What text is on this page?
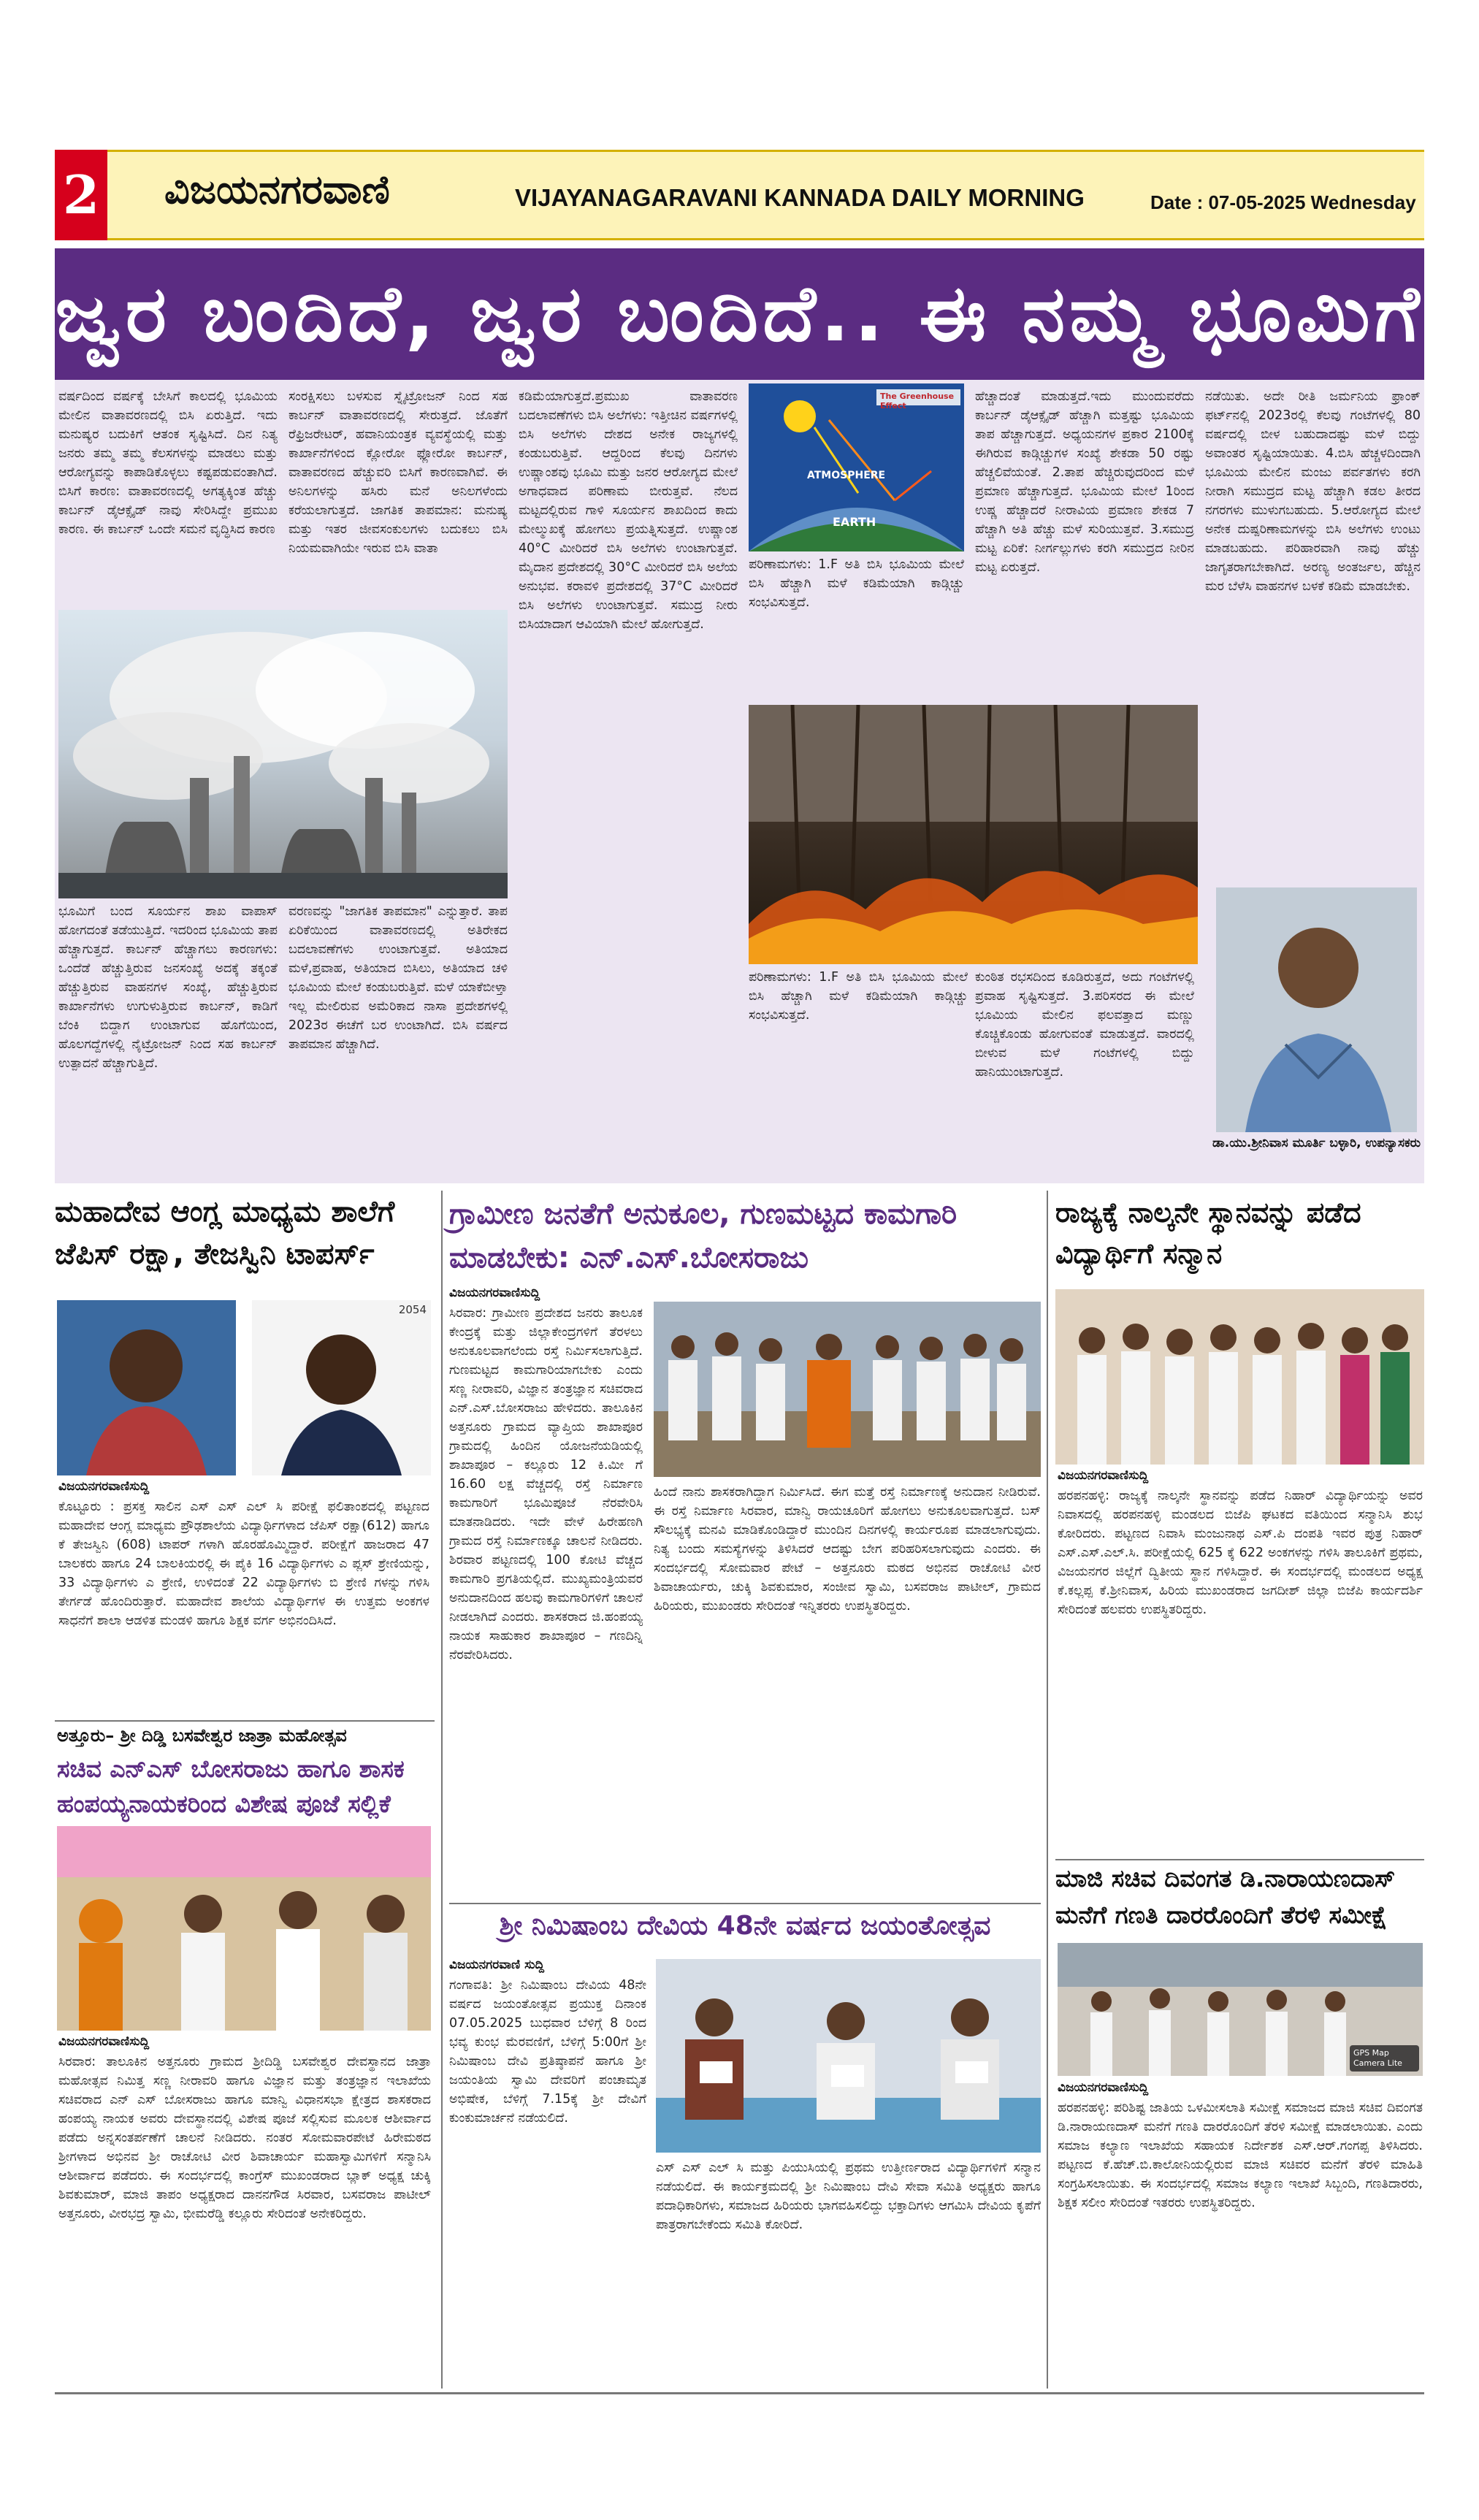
2 ವಿಜಯನಗರವಾಣಿ	VIJAYANAGARAVANI KANNADA DAILY MORNING	Date : 07-05-2025 Wednesday
ಜ್ವರ ಬಂದಿದೆ, ಜ್ವರ ಬಂದಿದೆ.. ಈ ನಮ್ಮ ಭೂಮಿಗೆ
ವರ್ಷದಿಂದ ವರ್ಷಕ್ಕೆ ಬೇಸಿಗೆ ಕಾಲದಲ್ಲಿ ಭೂಮಿಯ ಮೇಲಿನ ವಾತಾವರಣದಲ್ಲಿ ಬಿಸಿ ಏರುತ್ತಿದೆ. ಇದು ಮನುಷ್ಯರ ಬದುಕಿಗೆ ಆತಂಕ ಸೃಷ್ಟಿಸಿದೆ. ದಿನ ನಿತ್ಯ ಜನರು ತಮ್ಮ ತಮ್ಮ ಕೆಲಸಗಳನ್ನು ಮಾಡಲು ಮತ್ತು ಆರೋಗ್ಯವನ್ನು ಕಾಪಾಡಿಕೊಳ್ಳಲು ಕಷ್ಟಪಡುವಂತಾಗಿದೆ. ಬಿಸಿಗೆ ಕಾರಣ: ವಾತಾವರಣದಲ್ಲಿ ಅಗತ್ಯಕ್ಕಿಂತ ಹೆಚ್ಚು ಕಾರ್ಬನ್ ಡೈಆಕ್ಸೈಡ್ ನಾವು ಸೇರಿಸಿದ್ದೇ ಪ್ರಮುಖ ಕಾರಣ. ಈ ಕಾರ್ಬನ್ ಒಂದೇ ಸಮನೆ ವೃದ್ಧಿಸಿದ ಕಾರಣ
ಸಂರಕ್ಷಿಸಲು ಬಳಸುವ ಸ್ನೈಟ್ರೋಜನ್ ನಿಂದ ಸಹ ಕಾರ್ಬನ್ ವಾತಾವರಣದಲ್ಲಿ ಸೇರುತ್ತದೆ. ಜೊತೆಗೆ ರೆಫ್ರಿಜರೇಟರ್, ಹವಾನಿಯಂತ್ರಕ ವ್ಯವಸ್ಥೆಯಲ್ಲಿ ಮತ್ತು ಕಾರ್ಖಾನೆಗಳಿಂದ ಕ್ಲೋರೋ ಫ್ಲೋರೋ ಕಾರ್ಬನ್, ವಾತಾವರಣದ ಹೆಚ್ಚುವರಿ ಬಿಸಿಗೆ ಕಾರಣವಾಗಿವೆ. ಈ ಅನಿಲಗಳನ್ನು ಹಸಿರು ಮನೆ ಅನಿಲಗಳೆಂದು ಕರೆಯಲಾಗುತ್ತದೆ. ಜಾಗತಿಕ ತಾಪಮಾನ: ಮನುಷ್ಯ ಮತ್ತು ಇತರ ಜೀವಸಂಕುಲಗಳು ಬದುಕಲು ಬಿಸಿ ನಿಯಮವಾಗಿಯೇ ಇರುವ ಬಿಸಿ ವಾತಾ
ಭೂಮಿಗೆ ಬಂದ ಸೂರ್ಯನ ಶಾಖ ವಾಪಾಸ್ ಹೋಗದಂತೆ ತಡೆಯುತ್ತಿದೆ. ಇದರಿಂದ ಭೂಮಿಯ ತಾಪ ಹೆಚ್ಚಾಗುತ್ತದೆ. ಕಾರ್ಬನ್ ಹೆಚ್ಚಾಗಲು ಕಾರಣಗಳು: ಒಂದೆಡೆ ಹೆಚ್ಚುತ್ತಿರುವ ಜನಸಂಖ್ಯೆ ಅದಕ್ಕೆ ತಕ್ಕಂತೆ ಹೆಚ್ಚುತ್ತಿರುವ ವಾಹನಗಳ ಸಂಖ್ಯೆ, ಹೆಚ್ಚುತ್ತಿರುವ ಕಾರ್ಖಾನೆಗಳು ಉಗುಳುತ್ತಿರುವ ಕಾರ್ಬನ್, ಕಾಡಿಗೆ ಬೆಂಕಿ ಬಿದ್ದಾಗ ಉಂಟಾಗುವ ಹೊಗೆಯಿಂದ, ಹೊಲಗದ್ದೆಗಳಲ್ಲಿ ನೈಟ್ರೋಜನ್ ನಿಂದ ಸಹ ಕಾರ್ಬನ್ ಉತ್ಪಾದನೆ ಹೆಚ್ಚಾಗುತ್ತಿದೆ.
ವರಣವನ್ನು "ಜಾಗತಿಕ ತಾಪಮಾನ" ಎನ್ನುತ್ತಾರೆ. ತಾಪ ಏರಿಕೆಯಿಂದ ವಾತಾವರಣದಲ್ಲಿ ಅತಿರೇಕದ ಬದಲಾವಣೆಗಳು ಉಂಟಾಗುತ್ತವೆ. ಅತಿಯಾದ ಮಳೆ,ಪ್ರವಾಹ, ಅತಿಯಾದ ಬಿಸಿಲು, ಅತಿಯಾದ ಚಳಿ ಭೂಮಿಯ ಮೇಲೆ ಕಂಡುಬರುತ್ತಿವೆ. ಮಳೆ ಯಾಕೆಬೀಳ್ತಾ ಇಲ್ಲ ಮೇಲಿರುವ ಅಮೆರಿಕಾದ ನಾಸಾ ಪ್ರದೇಶಗಳಲ್ಲಿ 2023ರ ಈಚೆಗೆ ಬರ ಉಂಟಾಗಿದೆ. ಬಿಸಿ ವರ್ಷದ ತಾಪಮಾನ ಹೆಚ್ಚಾಗಿದೆ.
ಕಡಿಮೆಯಾಗುತ್ತದೆ.ಪ್ರಮುಖ ವಾತಾವರಣ ಬದಲಾವಣೆಗಳು ಬಿಸಿ ಅಲೆಗಳು: ಇತ್ತೀಚಿನ ವರ್ಷಗಳಲ್ಲಿ ಬಿಸಿ ಅಲೆಗಳು ದೇಶದ ಅನೇಕ ರಾಜ್ಯಗಳಲ್ಲಿ ಕಂಡುಬರುತ್ತಿವೆ. ಆದ್ದರಿಂದ ಕೆಲವು ದಿನಗಳು ಉಷ್ಣಾಂಶವು ಭೂಮಿ ಮತ್ತು ಜನರ ಆರೋಗ್ಯದ ಮೇಲೆ ಅಗಾಧವಾದ ಪರಿಣಾಮ ಬೀರುತ್ತವೆ. ನೆಲದ ಮಟ್ಟದಲ್ಲಿರುವ ಗಾಳಿ ಸೂರ್ಯನ ಶಾಖದಿಂದ ಕಾದು ಮೇಲ್ಮುಖಕ್ಕೆ ಹೋಗಲು ಪ್ರಯತ್ನಿಸುತ್ತದೆ. ಉಷ್ಣಾಂಶ 40°C ಮೀರಿದರೆ ಬಿಸಿ ಅಲೆಗಳು ಉಂಟಾಗುತ್ತವೆ. ಮೈದಾನ ಪ್ರದೇಶದಲ್ಲಿ 30°C ಮೀರಿದರೆ ಬಿಸಿ ಅಲೆಯ ಅನುಭವ. ಕರಾವಳಿ ಪ್ರದೇಶದಲ್ಲಿ 37°C ಮೀರಿದರೆ ಬಿಸಿ ಅಲೆಗಳು ಉಂಟಾಗುತ್ತವೆ. ಸಮುದ್ರ ನೀರು ಬಿಸಿಯಾದಾಗ ಆವಿಯಾಗಿ ಮೇಲೆ ಹೋಗುತ್ತದೆ.
The Greenhouse Effect
ATMOSPHERE
EARTH
ಹೆಚ್ಚಾದಂತೆ ಮಾಡುತ್ತದೆ.ಇದು ಮುಂದುವರೆದು ಕಾರ್ಬನ್ ಡೈಆಕ್ಸೈಡ್ ಹೆಚ್ಚಾಗಿ ಮತ್ತಷ್ಟು ಭೂಮಿಯ ತಾಪ ಹೆಚ್ಚಾಗುತ್ತದೆ. ಅಧ್ಯಯನಗಳ ಪ್ರಕಾರ 2100ಕ್ಕೆ ಈಗಿರುವ ಕಾಡ್ಗಿಚ್ಚುಗಳ ಸಂಖ್ಯೆ ಶೇಕಡಾ 50 ರಷ್ಟು ಹೆಚ್ಚಲಿವೆಯಂತೆ. 2.ತಾಪ ಹೆಚ್ಚಿರುವುದರಿಂದ ಮಳೆ ಪ್ರಮಾಣ ಹೆಚ್ಚಾಗುತ್ತದೆ. ಭೂಮಿಯ ಮೇಲೆ 1ರಿಂದ ಉಷ್ಣ ಹೆಚ್ಚಾದರೆ ನೀರಾವಿಯ ಪ್ರಮಾಣ ಶೇಕಡ 7 ಹೆಚ್ಚಾಗಿ ಅತಿ ಹೆಚ್ಚು ಮಳೆ ಸುರಿಯುತ್ತವೆ. 3.ಸಮುದ್ರ ಮಟ್ಟ ಏರಿಕೆ: ನೀರ್ಗಲ್ಲುಗಳು ಕರಗಿ ಸಮುದ್ರದ ನೀರಿನ ಮಟ್ಟ ಏರುತ್ತದೆ.
ಪರಿಣಾಮಗಳು: 1.F ಅತಿ ಬಿಸಿ ಭೂಮಿಯ ಮೇಲೆ ಬಿಸಿ ಹೆಚ್ಚಾಗಿ ಮಳೆ ಕಡಿಮೆಯಾಗಿ ಕಾಡ್ಗಿಚ್ಚು ಸಂಭವಿಸುತ್ತದೆ.
ಪರಿಣಾಮಗಳು: 1.F ಅತಿ ಬಿಸಿ ಭೂಮಿಯ ಮೇಲೆ ಬಿಸಿ ಹೆಚ್ಚಾಗಿ ಮಳೆ ಕಡಿಮೆಯಾಗಿ ಕಾಡ್ಗಿಚ್ಚು ಸಂಭವಿಸುತ್ತದೆ.
ಕುಂಠಿತ ರಭಸದಿಂದ ಕೂಡಿರುತ್ತದೆ, ಅದು ಗಂಟೆಗಳಲ್ಲಿ ಪ್ರವಾಹ ಸೃಷ್ಟಿಸುತ್ತದೆ. 3.ಪರಿಸರದ ಈ ಮೇಲೆ ಭೂಮಿಯ ಮೇಲಿನ ಫಲವತ್ತಾದ ಮಣ್ಣು ಕೊಚ್ಚಿಕೊಂಡು ಹೋಗುವಂತೆ ಮಾಡುತ್ತದೆ. ವಾರದಲ್ಲಿ ಬೀಳುವ ಮಳೆ ಗಂಟೆಗಳಲ್ಲಿ ಬಿದ್ದು ಹಾನಿಯುಂಟಾಗುತ್ತದೆ.
ನಡೆಯಿತು. ಅದೇ ರೀತಿ ಜರ್ಮನಿಯ ಫ್ರಾಂಕ್ ಫರ್ಟ್‌ನಲ್ಲಿ 2023ರಲ್ಲಿ ಕೆಲವು ಗಂಟೆಗಳಲ್ಲಿ 80 ವರ್ಷದಲ್ಲಿ ಬೀಳ ಬಹುದಾದಷ್ಟು ಮಳೆ ಬಿದ್ದು ಅವಾಂತರ ಸೃಷ್ಟಿಯಾಯಿತು. 4.ಬಿಸಿ ಹೆಚ್ಚಳದಿಂದಾಗಿ ಭೂಮಿಯ ಮೇಲಿನ ಮಂಜು ಪರ್ವತಗಳು ಕರಗಿ ನೀರಾಗಿ ಸಮುದ್ರದ ಮಟ್ಟ ಹೆಚ್ಚಾಗಿ ಕಡಲ ತೀರದ ನಗರಗಳು ಮುಳುಗಬಹುದು. 5.ಆರೋಗ್ಯದ ಮೇಲೆ ಅನೇಕ ದುಷ್ಪರಿಣಾಮಗಳನ್ನು ಬಿಸಿ ಅಲೆಗಳು ಉಂಟು ಮಾಡಬಹುದು. ಪರಿಹಾರವಾಗಿ ನಾವು ಹೆಚ್ಚು ಜಾಗೃತರಾಗಬೇಕಾಗಿದೆ. ಅರಣ್ಯ ಅಂತರ್ಜಲ, ಹೆಚ್ಚಿನ ಮರ ಬೆಳೆಸಿ ವಾಹನಗಳ ಬಳಕೆ ಕಡಿಮೆ ಮಾಡಬೇಕು.
ಡಾ.ಯು.ಶ್ರೀನಿವಾಸ ಮೂರ್ತಿ ಬಳ್ಳಾರಿ, ಉಪನ್ಯಾಸಕರು
ಮಹಾದೇವ ಆಂಗ್ಲ ಮಾಧ್ಯಮ ಶಾಲೆಗೆ ಜೆಪಿಸ್ ರಕ್ಷಾ, ತೇಜಸ್ವಿನಿ ಟಾಪರ್ಸ್
2054
ವಿಜಯನಗರವಾಣಿಸುದ್ದಿ
ಕೊಟ್ಟೂರು : ಪ್ರಸಕ್ತ ಸಾಲಿನ ಎಸ್ ಎಸ್ ಎಲ್ ಸಿ ಪರೀಕ್ಷೆ ಫಲಿತಾಂಶದಲ್ಲಿ ಪಟ್ಟಣದ ಮಹಾದೇವ ಆಂಗ್ಲ ಮಾಧ್ಯಮ ಪ್ರೌಢಶಾಲೆಯ ವಿದ್ಯಾರ್ಥಿಗಳಾದ ಜೆಪಿಸ್ ರಕ್ಷಾ(612) ಹಾಗೂ ಕೆ ತೇಜಸ್ವಿನಿ (608) ಟಾಪರ್ ಗಳಾಗಿ ಹೊರಹೊಮ್ಮಿದ್ದಾರೆ. ಪರೀಕ್ಷೆಗೆ ಹಾಜರಾದ 47 ಬಾಲಕರು ಹಾಗೂ 24 ಬಾಲಕಿಯರಲ್ಲಿ ಈ ಪೈಕಿ 16 ವಿದ್ಯಾರ್ಥಿಗಳು ಎ ಪ್ಲಸ್ ಶ್ರೇಣಿಯನ್ನು, 33 ವಿದ್ಯಾರ್ಥಿಗಳು ಎ ಶ್ರೇಣಿ, ಉಳಿದಂತೆ 22 ವಿದ್ಯಾರ್ಥಿಗಳು ಬಿ ಶ್ರೇಣಿ ಗಳನ್ನು ಗಳಿಸಿ ತೇರ್ಗಡೆ ಹೊಂದಿರುತ್ತಾರೆ. ಮಹಾದೇವ ಶಾಲೆಯ ವಿದ್ಯಾರ್ಥಿಗಳ ಈ ಉತ್ತಮ ಅಂಕಗಳ ಸಾಧನೆಗೆ ಶಾಲಾ ಆಡಳಿತ ಮಂಡಳಿ ಹಾಗೂ ಶಿಕ್ಷಕ ವರ್ಗ ಅಭಿನಂದಿಸಿದೆ.
ಅತ್ತೂರು– ಶ್ರೀ ದಿಡ್ಡಿ ಬಸವೇಶ್ವರ ಜಾತ್ರಾ ಮಹೋತ್ಸವ
ಸಚಿವ ಎನ್‌ಎಸ್ ಬೋಸರಾಜು ಹಾಗೂ ಶಾಸಕ ಹಂಪಯ್ಯನಾಯಕರಿಂದ ವಿಶೇಷ ಪೂಜೆ ಸಲ್ಲಿಕೆ
ವಿಜಯನಗರವಾಣಿಸುದ್ದಿ
ಸಿರವಾರ: ತಾಲೂಕಿನ ಅತ್ತನೂರು ಗ್ರಾಮದ ಶ್ರೀದಿಡ್ಡಿ ಬಸವೇಶ್ವರ ದೇವಸ್ಥಾನದ ಜಾತ್ರಾ ಮಹೋತ್ಸವ ನಿಮಿತ್ತ ಸಣ್ಣ ನೀರಾವರಿ ಹಾಗೂ ವಿಜ್ಞಾನ ಮತ್ತು ತಂತ್ರಜ್ಞಾನ ಇಲಾಖೆಯ ಸಚಿವರಾದ ಎನ್ ಎಸ್ ಬೋಸರಾಜು ಹಾಗೂ ಮಾನ್ವಿ ವಿಧಾನಸಭಾ ಕ್ಷೇತ್ರದ ಶಾಸಕರಾದ ಹಂಪಯ್ಯ ನಾಯಕ ಅವರು ದೇವಸ್ಥಾನದಲ್ಲಿ ವಿಶೇಷ ಪೂಜೆ ಸಲ್ಲಿಸುವ ಮೂಲಕ ಆಶೀರ್ವಾದ ಪಡೆದು ಅನ್ನಸಂತರ್ಪಣೆಗೆ ಚಾಲನೆ ನೀಡಿದರು. ನಂತರ ಸೋಮವಾರಪೇಟೆ ಹಿರೇಮಠದ ಶ್ರೀಗಳಾದ ಅಭಿನವ ಶ್ರೀ ರಾಚೋಟಿ ವೀರ ಶಿವಾಚಾರ್ಯ ಮಹಾಸ್ವಾಮಿಗಳಿಗೆ ಸನ್ಮಾನಿಸಿ ಆಶೀರ್ವಾದ ಪಡೆದರು. ಈ ಸಂದರ್ಭದಲ್ಲಿ ಕಾಂಗ್ರೆಸ್ ಮುಖಂಡರಾದ ಬ್ಲಾಕ್ ಅಧ್ಯಕ್ಷ ಚುಕ್ಕಿ ಶಿವಕುಮಾರ್, ಮಾಜಿ ತಾಪಂ ಅಧ್ಯಕ್ಷರಾದ ದಾನನಗೌಡ ಸಿರವಾರ, ಬಸವರಾಜ ಪಾಟೀಲ್ ಅತ್ತನೂರು, ವೀರಭದ್ರ ಸ್ವಾಮಿ, ಭೀಮರೆಡ್ಡಿ ಕಲ್ಲೂರು ಸೇರಿದಂತೆ ಅನೇಕರಿದ್ದರು.
ಗ್ರಾಮೀಣ ಜನತೆಗೆ ಅನುಕೂಲ, ಗುಣಮಟ್ಟದ ಕಾಮಗಾರಿ ಮಾಡಬೇಕು: ಎನ್.ಎಸ್.ಬೋಸರಾಜು
ವಿಜಯನಗರವಾಣಿಸುದ್ದಿ
ಸಿರವಾರ: ಗ್ರಾಮೀಣ ಪ್ರದೇಶದ ಜನರು ತಾಲೂಕ ಕೇಂದ್ರಕ್ಕೆ ಮತ್ತು ಜಿಲ್ಲಾಕೇಂದ್ರಗಳಿಗೆ ತೆರಳಲು ಅನುಕೂಲವಾಗಲೆಂದು ರಸ್ತೆ ನಿರ್ಮಿಸಲಾಗುತ್ತಿದೆ. ಗುಣಮಟ್ಟದ ಕಾಮಗಾರಿಯಾಗಬೇಕು ಎಂದು ಸಣ್ಣ ನೀರಾವರಿ, ವಿಜ್ಞಾನ ತಂತ್ರಜ್ಞಾನ ಸಚಿವರಾದ ಎನ್.ಎಸ್.ಬೋಸರಾಜು ಹೇಳಿದರು. ತಾಲೂಕಿನ ಅತ್ತನೂರು ಗ್ರಾಮದ ವ್ಯಾಪ್ತಿಯ ಶಾಖಾಪೂರ ಗ್ರಾಮದಲ್ಲಿ ಹಿಂದಿನ ಯೋಜನೆಯಡಿಯಲ್ಲಿ ಶಾಖಾಪೂರ – ಕಲ್ಲೂರು 12 ಕಿ.ಮೀ ಗೆ 16.60 ಲಕ್ಷ ವೆಚ್ಚದಲ್ಲಿ ರಸ್ತೆ ನಿರ್ಮಾಣ ಕಾಮಗಾರಿಗೆ ಭೂಮಿಪೂಜೆ ನೆರವೇರಿಸಿ ಮಾತನಾಡಿದರು. ಇದೇ ವೇಳೆ ಹಿರೇಹಣಗಿ ಗ್ರಾಮದ ರಸ್ತೆ ನಿರ್ಮಾಣಕ್ಕೂ ಚಾಲನೆ ನೀಡಿದರು. ಶಿರವಾರ ಪಟ್ಟಣದಲ್ಲಿ 100 ಕೋಟಿ ವೆಚ್ಚದ ಕಾಮಗಾರಿ ಪ್ರಗತಿಯಲ್ಲಿದೆ. ಮುಖ್ಯಮಂತ್ರಿಯವರ ಅನುದಾನದಿಂದ ಹಲವು ಕಾಮಗಾರಿಗಳಿಗೆ ಚಾಲನೆ ನೀಡಲಾಗಿದೆ ಎಂದರು. ಶಾಸಕರಾದ ಜಿ.ಹಂಪಯ್ಯ ನಾಯಕ ಸಾಹುಕಾರ ಶಾಖಾಪೂರ – ಗಣದಿನ್ನಿ ನೆರವೇರಿಸಿದರು.
ಹಿಂದೆ ನಾನು ಶಾಸಕರಾಗಿದ್ದಾಗ ನಿರ್ಮಿಸಿದೆ. ಈಗ ಮತ್ತೆ ರಸ್ತೆ ನಿರ್ಮಾಣಕ್ಕೆ ಅನುದಾನ ನೀಡಿರುವೆ. ಈ ರಸ್ತೆ ನಿರ್ಮಾಣ ಸಿರವಾರ, ಮಾನ್ವಿ ರಾಯಚೂರಿಗೆ ಹೋಗಲು ಅನುಕೂಲವಾಗುತ್ತದೆ. ಬಸ್ ಸೌಲಭ್ಯಕ್ಕೆ ಮನವಿ ಮಾಡಿಕೊಂಡಿದ್ದಾರೆ ಮುಂದಿನ ದಿನಗಳಲ್ಲಿ ಕಾರ್ಯರೂಪ ಮಾಡಲಾಗುವುದು. ನಿತ್ಯ ಬಂದು ಸಮಸ್ಯೆಗಳನ್ನು ತಿಳಿಸಿದರೆ ಆದಷ್ಟು ಬೇಗ ಪರಿಹರಿಸಲಾಗುವುದು ಎಂದರು. ಈ ಸಂದರ್ಭದಲ್ಲಿ ಸೋಮವಾರ ಪೇಟೆ – ಅತ್ತನೂರು ಮಠದ ಅಭಿನವ ರಾಚೋಟಿ ವೀರ ಶಿವಾಚಾರ್ಯರು, ಚುಕ್ಕಿ ಶಿವಕುಮಾರ, ಸಂಜೀವ ಸ್ವಾಮಿ, ಬಸವರಾಜ ಪಾಟೀಲ್, ಗ್ರಾಮದ ಹಿರಿಯರು, ಮುಖಂಡರು ಸೇರಿದಂತೆ ಇನ್ನಿತರರು ಉಪಸ್ಥಿತರಿದ್ದರು.
ಶ್ರೀ ನಿಮಿಷಾಂಬ ದೇವಿಯ 48ನೇ ವರ್ಷದ ಜಯಂತೋತ್ಸವ
ವಿಜಯನಗರವಾಣಿ ಸುದ್ದಿ
ಗಂಗಾವತಿ: ಶ್ರೀ ನಿಮಿಷಾಂಬ ದೇವಿಯ 48ನೇ ವರ್ಷದ ಜಯಂತೋತ್ಸವ ಪ್ರಯುಕ್ತ ದಿನಾಂಕ 07.05.2025 ಬುಧವಾರ ಬೆಳಿಗ್ಗೆ 8 ರಿಂದ ಭವ್ಯ ಕುಂಭ ಮೆರವಣಿಗೆ, ಬೆಳಿಗ್ಗೆ 5:00ಗೆ ಶ್ರೀ ನಿಮಿಷಾಂಬ ದೇವಿ ಪ್ರತಿಷ್ಠಾಪನೆ ಹಾಗೂ ಶ್ರೀ ಜಯಂತಿಯ ಸ್ವಾಮಿ ದೇವರಿಗೆ ಪಂಚಾಮೃತ ಅಭಿಷೇಕ, ಬೆಳಿಗ್ಗೆ 7.15ಕ್ಕೆ ಶ್ರೀ ದೇವಿಗೆ ಕುಂಕುಮಾರ್ಚನೆ ನಡೆಯಲಿದೆ.
ಎಸ್ ಎಸ್ ಎಲ್ ಸಿ ಮತ್ತು ಪಿಯುಸಿಯಲ್ಲಿ ಪ್ರಥಮ ಉತ್ತೀರ್ಣರಾದ ವಿದ್ಯಾರ್ಥಿಗಳಿಗೆ ಸನ್ಮಾನ ನಡೆಯಲಿದೆ. ಈ ಕಾರ್ಯಕ್ರಮದಲ್ಲಿ ಶ್ರೀ ನಿಮಿಷಾಂಬ ದೇವಿ ಸೇವಾ ಸಮಿತಿ ಅಧ್ಯಕ್ಷರು ಹಾಗೂ ಪದಾಧಿಕಾರಿಗಳು, ಸಮಾಜದ ಹಿರಿಯರು ಭಾಗವಹಿಸಲಿದ್ದು ಭಕ್ತಾದಿಗಳು ಆಗಮಿಸಿ ದೇವಿಯ ಕೃಪೆಗೆ ಪಾತ್ರರಾಗಬೇಕೆಂದು ಸಮಿತಿ ಕೋರಿದೆ.
ರಾಜ್ಯಕ್ಕೆ ನಾಲ್ಕನೇ ಸ್ಥಾನವನ್ನು ಪಡೆದ ವಿದ್ಯಾರ್ಥಿಗೆ ಸನ್ಮಾನ
ವಿಜಯನಗರವಾಣಿಸುದ್ದಿ
ಹರಪನಹಳ್ಳಿ: ರಾಜ್ಯಕ್ಕೆ ನಾಲ್ಕನೇ ಸ್ಥಾನವನ್ನು ಪಡೆದ ನಿಹಾರ್ ವಿದ್ಯಾರ್ಥಿಯನ್ನು ಅವರ ನಿವಾಸದಲ್ಲಿ ಹರಪನಹಳ್ಳಿ ಮಂಡಲದ ಬಿಜೆಪಿ ಘಟಕದ ವತಿಯಿಂದ ಸನ್ಮಾನಿಸಿ ಶುಭ ಕೋರಿದರು. ಪಟ್ಟಣದ ನಿವಾಸಿ ಮಂಜುನಾಥ ಎಸ್.ಪಿ ದಂಪತಿ ಇವರ ಪುತ್ರ ನಿಹಾರ್ ಎಸ್.ಎಸ್.ಎಲ್.ಸಿ. ಪರೀಕ್ಷೆಯಲ್ಲಿ 625 ಕ್ಕೆ 622 ಅಂಕಗಳನ್ನು ಗಳಿಸಿ ತಾಲೂಕಿಗೆ ಪ್ರಥಮ, ವಿಜಯನಗರ ಜಿಲ್ಲೆಗೆ ದ್ವಿತೀಯ ಸ್ಥಾನ ಗಳಿಸಿದ್ದಾರೆ. ಈ ಸಂದರ್ಭದಲ್ಲಿ ಮಂಡಲದ ಅಧ್ಯಕ್ಷ ಕೆ.ಕಲ್ಲಪ್ಪ ಕೆ.ಶ್ರೀನಿವಾಸ, ಹಿರಿಯ ಮುಖಂಡರಾದ ಜಗದೀಶ್ ಜಿಲ್ಲಾ ಬಿಜೆಪಿ ಕಾರ್ಯದರ್ಶಿ ಸೇರಿದಂತೆ ಹಲವರು ಉಪಸ್ಥಿತರಿದ್ದರು.
ಮಾಜಿ ಸಚಿವ ದಿವಂಗತ ಡಿ.ನಾರಾಯಣದಾಸ್ ಮನೆಗೆ ಗಣತಿ ದಾರರೊಂದಿಗೆ ತೆರಳಿ ಸಮೀಕ್ಷೆ
GPS Map Camera Lite
ವಿಜಯನಗರವಾಣಿಸುದ್ದಿ
ಹರಪನಹಳ್ಳಿ: ಪರಿಶಿಷ್ಟ ಜಾತಿಯ ಒಳಮೀಸಲಾತಿ ಸಮೀಕ್ಷೆ ಸಮಾಜದ ಮಾಜಿ ಸಚಿವ ದಿವಂಗತ ಡಿ.ನಾರಾಯಣದಾಸ್ ಮನೆಗೆ ಗಣತಿ ದಾರರೊಂದಿಗೆ ತೆರಳಿ ಸಮೀಕ್ಷೆ ಮಾಡಲಾಯಿತು. ಎಂದು ಸಮಾಜ ಕಲ್ಯಾಣ ಇಲಾಖೆಯ ಸಹಾಯಕ ನಿರ್ದೇಶಕ ಎಸ್.ಆರ್.ಗಂಗಪ್ಪ ತಿಳಿಸಿದರು. ಪಟ್ಟಣದ ಕೆ.ಹೆಚ್.ಬಿ.ಕಾಲೋನಿಯಲ್ಲಿರುವ ಮಾಜಿ ಸಚಿವರ ಮನೆಗೆ ತೆರಳಿ ಮಾಹಿತಿ ಸಂಗ್ರಹಿಸಲಾಯಿತು. ಈ ಸಂದರ್ಭದಲ್ಲಿ ಸಮಾಜ ಕಲ್ಯಾಣ ಇಲಾಖೆ ಸಿಬ್ಬಂದಿ, ಗಣತಿದಾರರು, ಶಿಕ್ಷಕ ಸಲೀಂ ಸೇರಿದಂತೆ ಇತರರು ಉಪಸ್ಥಿತರಿದ್ದರು.
